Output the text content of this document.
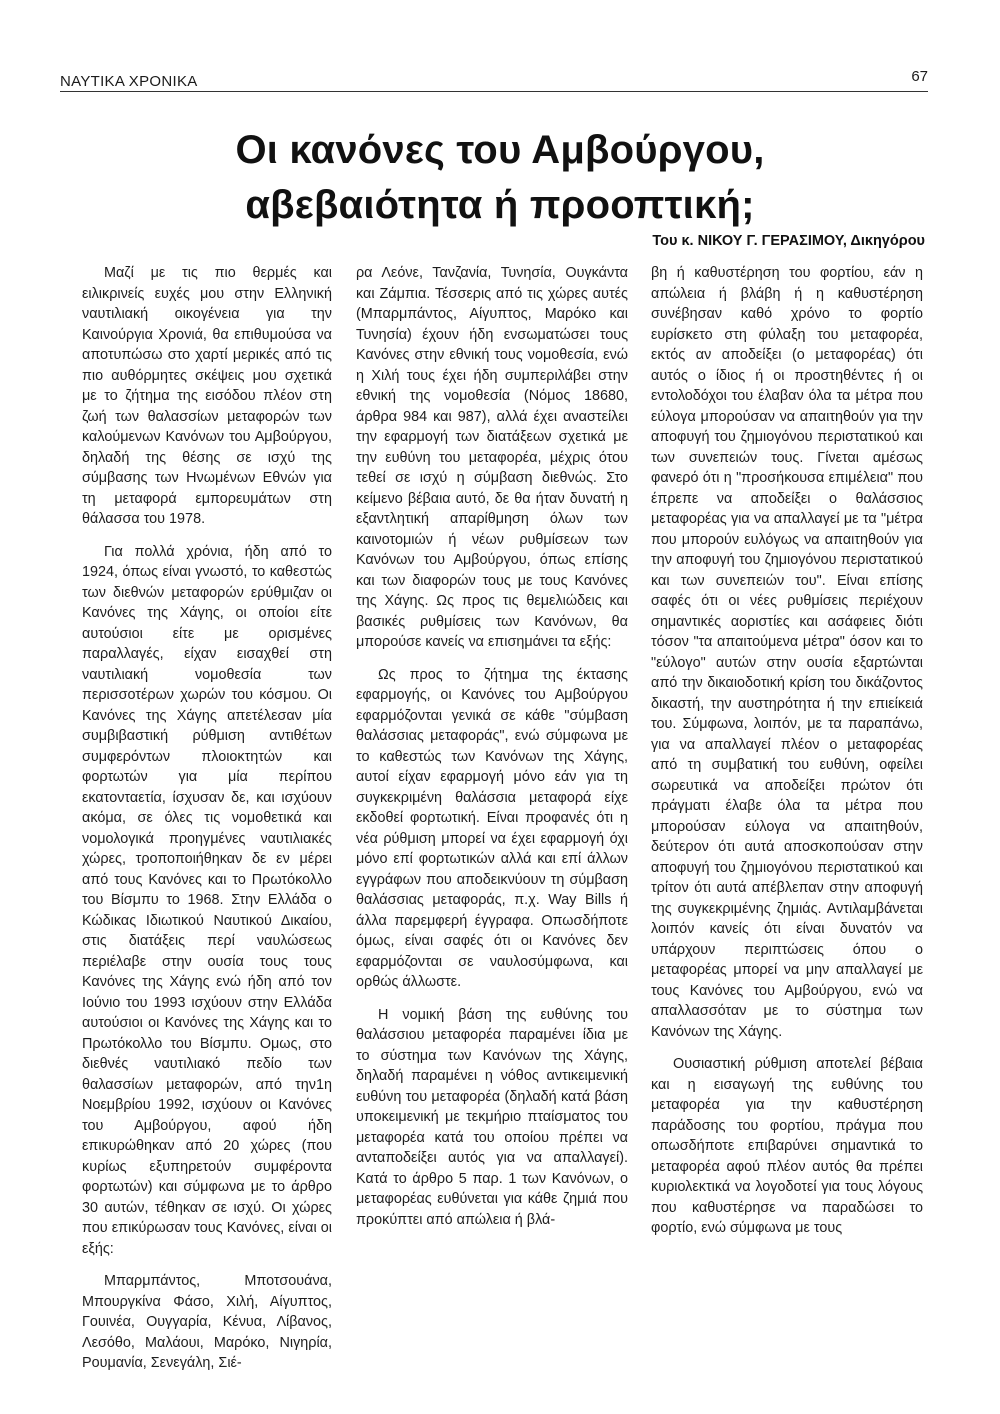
ΝΑΥΤΙΚΑ ΧΡΟΝΙΚΑ	67
Οι κανόνες του Αμβούργου,
αβεβαιότητα ή προοπτική;
Του κ. ΝΙΚΟΥ Γ. ΓΕΡΑΣΙΜΟΥ, Δικηγόρου

Μαζί με τις πιο θερμές και ειλικρινείς ευχές μου στην Ελληνική ναυτιλιακή οικογένεια για την Καινούργια Χρονιά, θα επιθυμούσα να αποτυπώσω στο χαρτί μερικές από τις πιο αυθόρμητες σκέψεις μου σχετικά με το ζήτημα της εισόδου πλέον στη ζωή των θαλασσίων μεταφορών των καλούμενων Κανόνων του Αμβούργου, δηλαδή της θέσης σε ισχύ της σύμβασης των Ηνωμένων Εθνών για τη μεταφορά εμπορευμάτων στη θάλασσα του 1978.

Για πολλά χρόνια, ήδη από το 1924, όπως είναι γνωστό, το καθεστώς των διεθνών μεταφορών ερύθμιζαν οι Κανόνες της Χάγης, οι οποίοι είτε αυτούσιοι είτε με ορισμένες παραλλαγές, είχαν εισαχθεί στη ναυτιλιακή νομοθεσία των περισσοτέρων χωρών του κόσμου. Οι Κανόνες της Χάγης απετέλεσαν μία συμβιβαστική ρύθμιση αντιθέτων συμφερόντων πλοιοκτητών και φορτωτών για μία περίπου εκατονταετία, ίσχυσαν δε, και ισχύουν ακόμα, σε όλες τις νομοθετικά και νομολογικά προηγμένες ναυτιλιακές χώρες, τροποποιήθηκαν δε εν μέρει από τους Κανόνες και το Πρωτόκολλο του Βίσμπυ το 1968. Στην Ελλάδα ο Κώδικας Ιδιωτικού Ναυτικού Δικαίου, στις διατάξεις περί ναυλώσεως περιέλαβε στην ουσία τους τους Κανόνες της Χάγης ενώ ήδη από τον Ιούνιο του 1993 ισχύουν στην Ελλάδα αυτούσιοι οι Κανόνες της Χάγης και το Πρωτόκολλο του Βίσμπυ. Ομως, στο διεθνές ναυτιλιακό πεδίο των θαλασσίων μεταφορών, από την1η Νοεμβρίου 1992, ισχύουν οι Κανόνες του Αμβούργου, αφού ήδη επικυρώθηκαν από 20 χώρες (που κυρίως εξυπηρετούν συμφέροντα φορτωτών) και σύμφωνα με το άρθρο 30 αυτών, τέθηκαν σε ισχύ. Οι χώρες που επικύρωσαν τους Κανόνες, είναι οι εξής:

Μπαρμπάντος, Μποτσουάνα, Μπουργκίνα Φάσο, Χιλή, Αίγυπτος, Γουινέα, Ουγγαρία, Κένυα, Λίβανος, Λεσόθο, Μαλάουι, Μαρόκο, Νιγηρία, Ρουμανία, Σενεγάλη, Σιέ-

ρα Λεόνε, Τανζανία, Τυνησία, Ουγκάντα και Ζάμπια. Τέσσερις από τις χώρες αυτές (Μπαρμπάντος, Αίγυπτος, Μαρόκο και Τυνησία) έχουν ήδη ενσωματώσει τους Κανόνες στην εθνική τους νομοθεσία, ενώ η Χιλή τους έχει ήδη συμπεριλάβει στην εθνική της νομοθεσία (Νόμος 18680, άρθρα 984 και 987), αλλά έχει αναστείλει την εφαρμογή των διατάξεων σχετικά με την ευθύνη του μεταφορέα, μέχρις ότου τεθεί σε ισχύ η σύμβαση διεθνώς. Στο κείμενο βέβαια αυτό, δε θα ήταν δυνατή η εξαντλητική απαρίθμηση όλων των καινοτομιών ή νέων ρυθμίσεων των Κανόνων του Αμβούργου, όπως επίσης και των διαφορών τους με τους Κανόνες της Χάγης. Ως προς τις θεμελιώδεις και βασικές ρυθμίσεις των Κανόνων, θα μπορούσε κανείς να επισημάνει τα εξής:

Ως προς το ζήτημα της έκτασης εφαρμογής, οι Κανόνες του Αμβούργου εφαρμόζονται γενικά σε κάθε "σύμβαση θαλάσσιας μεταφοράς", ενώ σύμφωνα με το καθεστώς των Κανόνων της Χάγης, αυτοί είχαν εφαρμογή μόνο εάν για τη συγκεκριμένη θαλάσσια μεταφορά είχε εκδοθεί φορτωτική. Είναι προφανές ότι η νέα ρύθμιση μπορεί να έχει εφαρμογή όχι μόνο επί φορτωτικών αλλά και επί άλλων εγγράφων που αποδεικνύουν τη σύμβαση θαλάσσιας μεταφοράς, π.χ. Way Bills ή άλλα παρεμφερή έγγραφα. Οπωσδήποτε όμως, είναι σαφές ότι οι Κανόνες δεν εφαρμόζονται σε ναυλοσύμφωνα, και ορθώς άλλωστε.

Η νομική βάση της ευθύνης του θαλάσσιου μεταφορέα παραμένει ίδια με το σύστημα των Κανόνων της Χάγης, δηλαδή παραμένει η νόθος αντικειμενική ευθύνη του μεταφορέα (δηλαδή κατά βάση υποκειμενική με τεκμήριο πταίσματος του μεταφορέα κατά του οποίου πρέπει να ανταποδείξει αυτός για να απαλλαγεί). Κατά το άρθρο 5 παρ. 1 των Κανόνων, ο μεταφορέας ευθύνεται για κάθε ζημιά που προκύπτει από απώλεια ή βλά-

βη ή καθυστέρηση του φορτίου, εάν η απώλεια ή βλάβη ή η καθυστέρηση συνέβησαν καθό χρόνο το φορτίο ευρίσκετο στη φύλαξη του μεταφορέα, εκτός αν αποδείξει (ο μεταφορέας) ότι αυτός ο ίδιος ή οι προστηθέντες ή οι εντολοδόχοι του έλαβαν όλα τα μέτρα που εύλογα μπορούσαν να απαιτηθούν για την αποφυγή του ζημιογόνου περιστατικού και των συνεπειών τους. Γίνεται αμέσως φανερό ότι η "προσήκουσα επιμέλεια" που έπρεπε να αποδείξει ο θαλάσσιος μεταφορέας για να απαλλαγεί με τα "μέτρα που μπορούν ευλόγως να απαιτηθούν για την αποφυγή του ζημιογόνου περιστατικού και των συνεπειών του". Είναι επίσης σαφές ότι οι νέες ρυθμίσεις περιέχουν σημαντικές αοριστίες και ασάφειες διότι τόσον "τα απαιτούμενα μέτρα" όσον και το "εύλογο" αυτών στην ουσία εξαρτώνται από την δικαιοδοτική κρίση του δικάζοντος δικαστή, την αυστηρότητα ή την επιείκειά του. Σύμφωνα, λοιπόν, με τα παραπάνω, για να απαλλαγεί πλέον ο μεταφορέας από τη συμβατική του ευθύνη, οφείλει σωρευτικά να αποδείξει πρώτον ότι πράγματι έλαβε όλα τα μέτρα που μπορούσαν εύλογα να απαιτηθούν, δεύτερον ότι αυτά αποσκοπούσαν στην αποφυγή του ζημιογόνου περιστατικού και τρίτον ότι αυτά απέβλεπαν στην αποφυγή της συγκεκριμένης ζημιάς. Αντιλαμβάνεται λοιπόν κανείς ότι είναι δυνατόν να υπάρχουν περιπτώσεις όπου ο μεταφορέας μπορεί να μην απαλλαγεί με τους Κανόνες του Αμβούργου, ενώ να απαλλασσόταν με το σύστημα των Κανόνων της Χάγης.

Ουσιαστική ρύθμιση αποτελεί βέβαια και η εισαγωγή της ευθύνης του μεταφορέα για την καθυστέρηση παράδοσης του φορτίου, πράγμα που οπωσδήποτε επιβαρύνει σημαντικά το μεταφορέα αφού πλέον αυτός θα πρέπει κυριολεκτικά να λογοδοτεί για τους λόγους που καθυστέρησε να παραδώσει το φορτίο, ενώ σύμφωνα με τους
